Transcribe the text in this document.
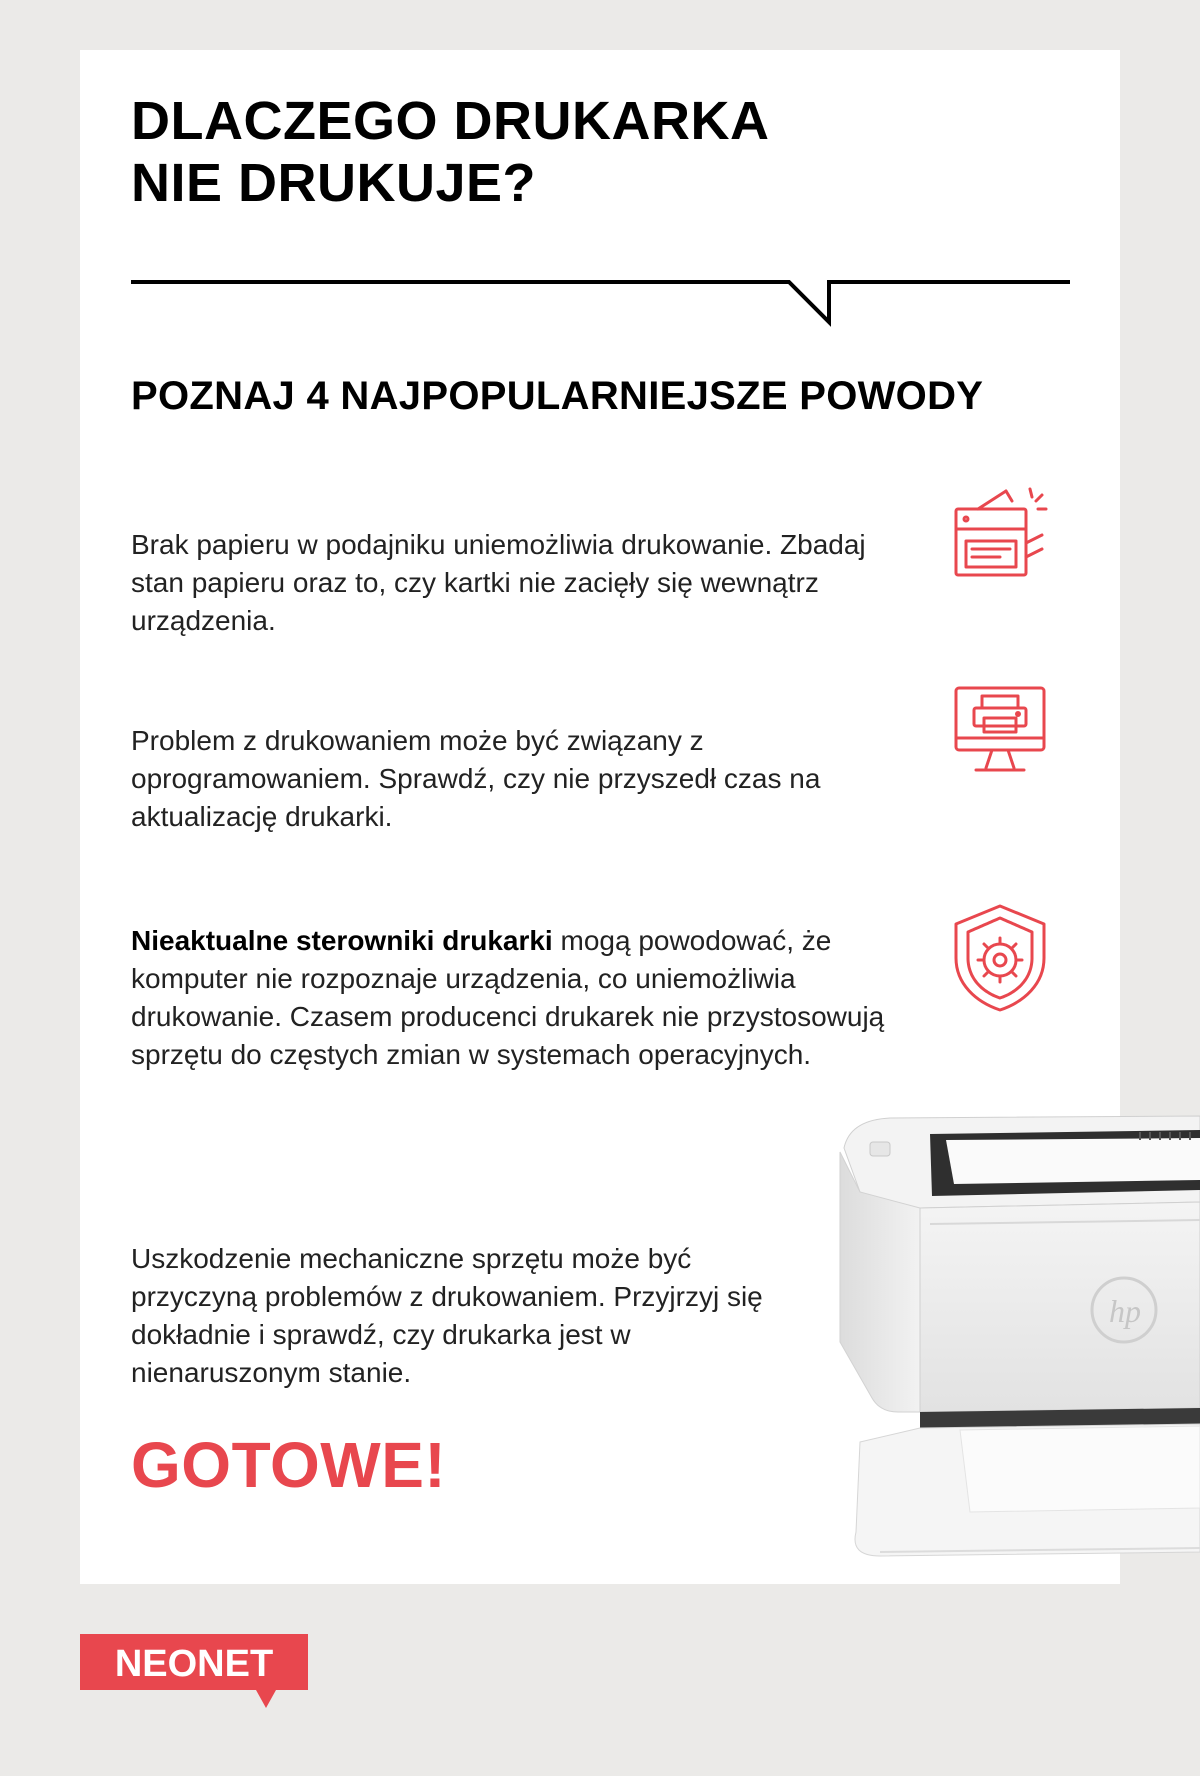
DLACZEGO DRUKARKA
NIE DRUKUJE?
POZNAJ 4 NAJPOPULARNIEJSZE POWODY

Brak papieru w podajniku uniemożliwia drukowanie. Zbadaj stan papieru oraz to, czy kartki nie zacięły się wewnątrz urządzenia.

Problem z drukowaniem może być związany z oprogramowaniem. Sprawdź, czy nie przyszedł czas na aktualizację drukarki.

Nieaktualne sterowniki drukarki mogą powodować, że komputer nie rozpoznaje urządzenia, co uniemożliwia drukowanie. Czasem producenci drukarek nie przystosowują sprzętu do częstych zmian w systemach operacyjnych.

Uszkodzenie mechaniczne sprzętu może być przyczyną problemów z drukowaniem. Przyjrzyj się dokładnie i sprawdź, czy drukarka jest w nienaruszonym stanie.

GOTOWE!

hp
NEONET
